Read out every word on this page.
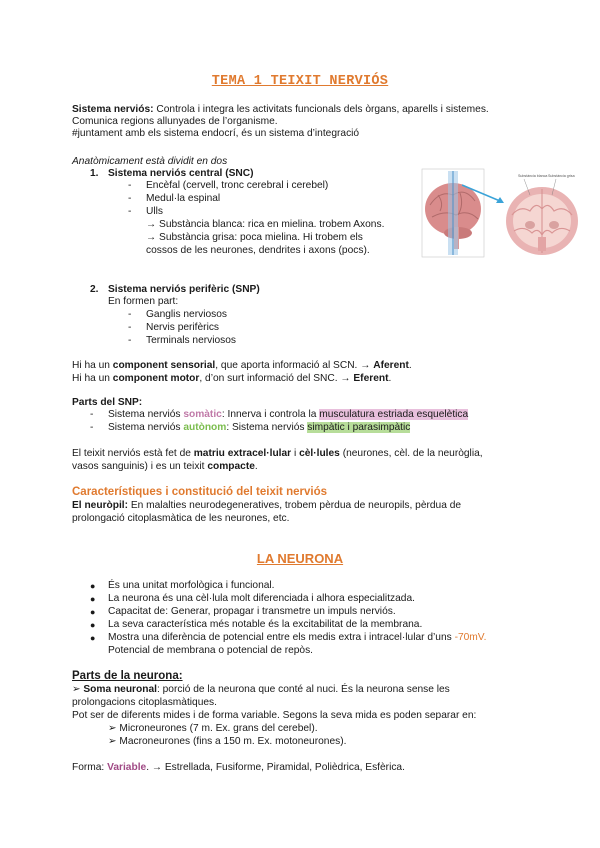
TEMA 1 TEIXIT NERVIÓS
Sistema nerviós: Controla i integra les activitats funcionals dels òrgans, aparells i sistemes.
Comunica regions allunyades de l’organisme.
#juntament amb els sistema endocrí, és un sistema d’integració
Anatòmicament està dividit en dos
1. Sistema nerviós central (SNC)
- Encèfal (cervell, tronc cerebral i cerebel)
- Medul·la espinal
- Ulls
→ Substància blanca: rica en mielina. trobem Axons.
→ Substància grisa: poca mielina. Hi trobem els
cossos de les neurones, dendrites i axons (pocs).
Substància blanca Substància grisa
2. Sistema nerviós perifèric (SNP)
En formen part:
- Ganglis nerviosos
- Nervis perifèrics
- Terminals nerviosos
Hi ha un component sensorial, que aporta informació al SCN. → Aferent.
Hi ha un component motor, d’on surt informació del SNC. → Eferent.
Parts del SNP:
- Sistema nerviós somàtic: Innerva i controla la musculatura estriada esquelètica
- Sistema nerviós autònom: Sistema nerviós simpàtic i parasimpàtic
El teixit nerviós està fet de matriu extracel·lular i cèl·lules (neurones, cèl. de la neuròglia,
vasos sanguinis) i es un teixit compacte.
Característiques i constitució del teixit nerviós
El neuròpil: En malalties neurodegeneratives, trobem pèrdua de neuropils, pèrdua de
prolongació citoplasmàtica de les neurones, etc.
LA NEURONA
● És una unitat morfològica i funcional.
● La neurona és una cèl·lula molt diferenciada i alhora especialitzada.
● Capacitat de: Generar, propagar i transmetre un impuls nerviós.
● La seva característica més notable és la excitabilitat de la membrana.
● Mostra una diferència de potencial entre els medis extra i intracel·lular d’uns -70mV.
Potencial de membrana o potencial de repòs.
Parts de la neurona:
➢ Soma neuronal: porció de la neurona que conté al nuci. És la neurona sense les
prolongacions citoplasmàtiques.
Pot ser de diferents mides i de forma variable. Segons la seva mida es poden separar en:
➢ Microneurones (7 m. Ex. grans del cerebel).
➢ Macroneurones (fins a 150 m. Ex. motoneurones).
Forma: Variable. → Estrellada, Fusiforme, Piramidal, Polièdrica, Esfèrica.
